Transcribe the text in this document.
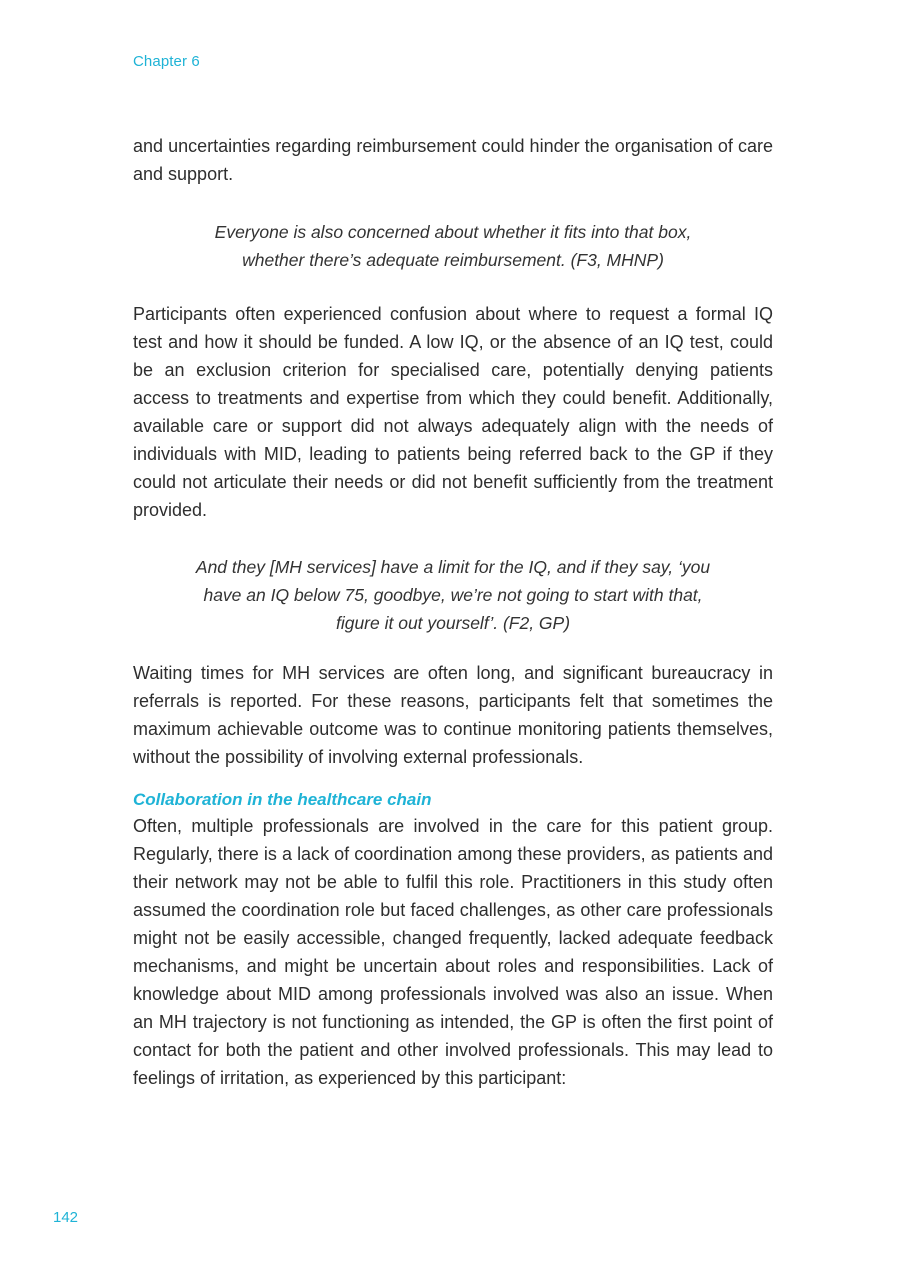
Chapter 6

and uncertainties regarding reimbursement could hinder the organisation of care and support.

Everyone is also concerned about whether it fits into that box, whether there’s adequate reimbursement. (F3, MHNP)

Participants often experienced confusion about where to request a formal IQ test and how it should be funded. A low IQ, or the absence of an IQ test, could be an exclusion criterion for specialised care, potentially denying patients access to treatments and expertise from which they could benefit. Additionally, available care or support did not always adequately align with the needs of individuals with MID, leading to patients being referred back to the GP if they could not articulate their needs or did not benefit sufficiently from the treatment provided.

And they [MH services] have a limit for the IQ, and if they say, ‘you have an IQ below 75, goodbye, we’re not going to start with that, figure it out yourself’. (F2, GP)

Waiting times for MH services are often long, and significant bureaucracy in referrals is reported. For these reasons, participants felt that sometimes the maximum achievable outcome was to continue monitoring patients themselves, without the possibility of involving external professionals.

Collaboration in the healthcare chain

Often, multiple professionals are involved in the care for this patient group. Regularly, there is a lack of coordination among these providers, as patients and their network may not be able to fulfil this role. Practitioners in this study often assumed the coordination role but faced challenges, as other care professionals might not be easily accessible, changed frequently, lacked adequate feedback mechanisms, and might be uncertain about roles and responsibilities. Lack of knowledge about MID among professionals involved was also an issue. When an MH trajectory is not functioning as intended, the GP is often the first point of contact for both the patient and other involved professionals. This may lead to feelings of irritation, as experienced by this participant:

142
